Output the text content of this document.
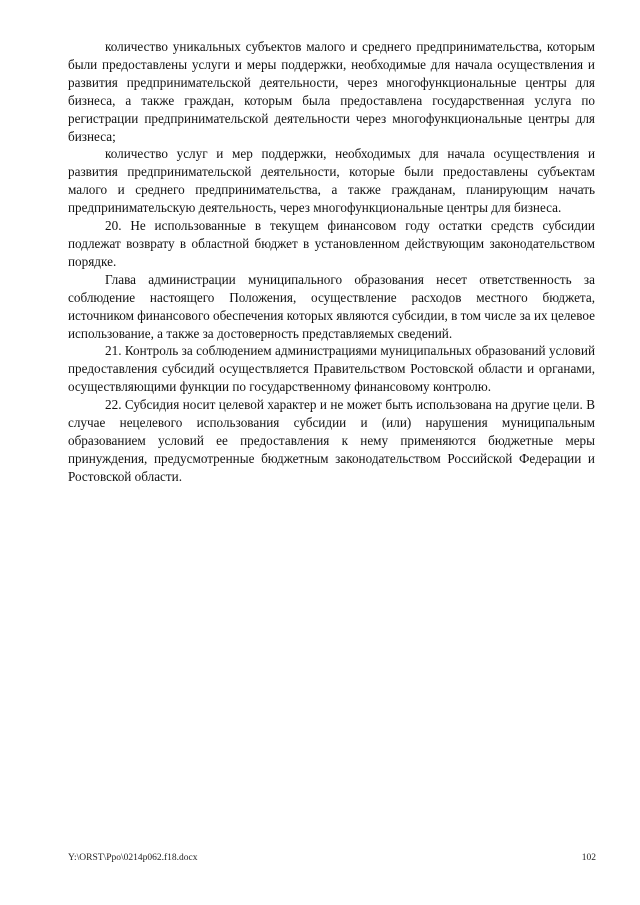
количество уникальных субъектов малого и среднего предпринимательства, которым были предоставлены услуги и меры поддержки, необходимые для начала осуществления и развития предпринимательской деятельности, через многофункциональные центры для бизнеса, а также граждан, которым была предоставлена государственная услуга по регистрации предпринимательской деятельности через многофункциональные центры для бизнеса;

количество услуг и мер поддержки, необходимых для начала осуществления и развития предпринимательской деятельности, которые были предоставлены субъектам малого и среднего предпринимательства, а также гражданам, планирующим начать предпринимательскую деятельность, через многофункциональные центры для бизнеса.

20. Не использованные в текущем финансовом году остатки средств субсидии подлежат возврату в областной бюджет в установленном действующим законодательством порядке.

Глава администрации муниципального образования несет ответственность за соблюдение настоящего Положения, осуществление расходов местного бюджета, источником финансового обеспечения которых являются субсидии, в том числе за их целевое использование, а также за достоверность представляемых сведений.

21. Контроль за соблюдением администрациями муниципальных образований условий предоставления субсидий осуществляется Правительством Ростовской области и органами, осуществляющими функции по государственному финансовому контролю.

22. Субсидия носит целевой характер и не может быть использована на другие цели. В случае нецелевого использования субсидии и (или) нарушения муниципальным образованием условий ее предоставления к нему применяются бюджетные меры принуждения, предусмотренные бюджетным законодательством Российской Федерации и Ростовской области.

Y:\ORST\Ppo\0214p062.f18.docx	102
